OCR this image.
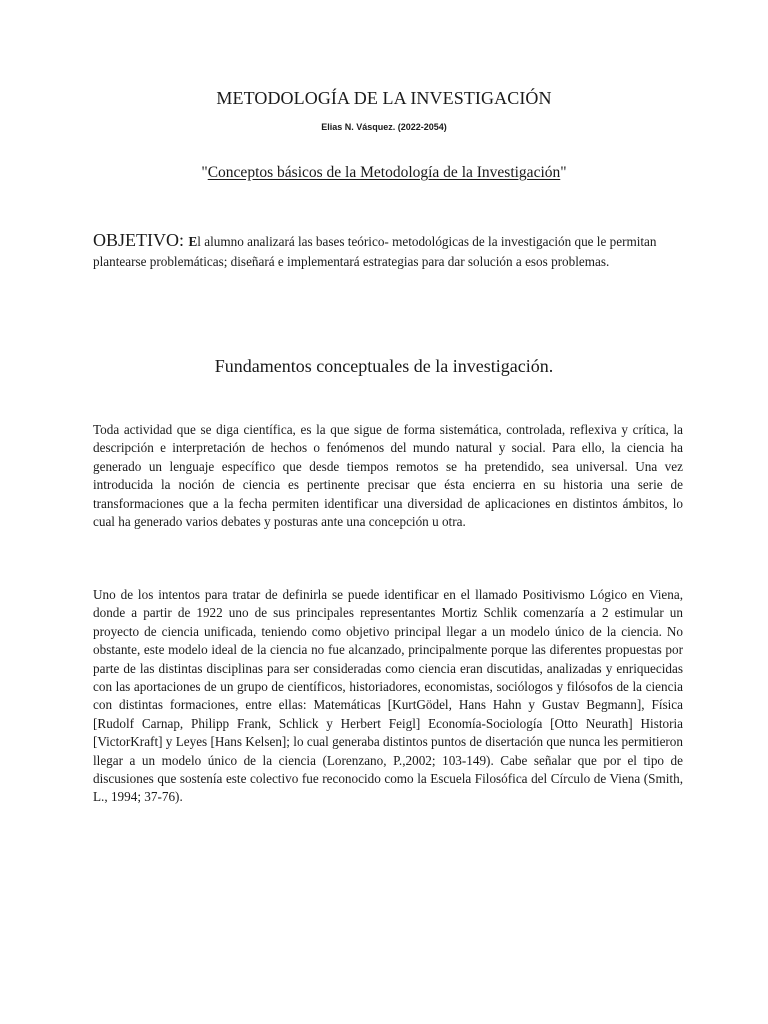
METODOLOGÍA DE LA INVESTIGACIÓN
Elias N. Vásquez. (2022-2054)
"Conceptos básicos de la Metodología de la Investigación"
OBJETIVO: El alumno analizará las bases teórico- metodológicas de la investigación que le permitan plantearse problemáticas; diseñará e implementará estrategias para dar solución a esos problemas.
Fundamentos conceptuales de la investigación.

Toda actividad que se diga científica, es la que sigue de forma sistemática, controlada, reflexiva y crítica, la descripción e interpretación de hechos o fenómenos del mundo natural y social. Para ello, la ciencia ha generado un lenguaje específico que desde tiempos remotos se ha pretendido, sea universal. Una vez introducida la noción de ciencia es pertinente precisar que ésta encierra en su historia una serie de transformaciones que a la fecha permiten identificar una diversidad de aplicaciones en distintos ámbitos, lo cual ha generado varios debates y posturas ante una concepción u otra.

Uno de los intentos para tratar de definirla se puede identificar en el llamado Positivismo Lógico en Viena, donde a partir de 1922 uno de sus principales representantes Mortiz Schlik comenzaría a 2 estimular un proyecto de ciencia unificada, teniendo como objetivo principal llegar a un modelo único de la ciencia. No obstante, este modelo ideal de la ciencia no fue alcanzado, principalmente porque las diferentes propuestas por parte de las distintas disciplinas para ser consideradas como ciencia eran discutidas, analizadas y enriquecidas con las aportaciones de un grupo de científicos, historiadores, economistas, sociólogos y filósofos de la ciencia con distintas formaciones, entre ellas: Matemáticas [KurtGödel, Hans Hahn y Gustav Begmann], Física [Rudolf Carnap, Philipp Frank, Schlick y Herbert Feigl] Economía-Sociología [Otto Neurath] Historia [VictorKraft] y Leyes [Hans Kelsen]; lo cual generaba distintos puntos de disertación que nunca les permitieron llegar a un modelo único de la ciencia (Lorenzano, P.,2002; 103-149). Cabe señalar que por el tipo de discusiones que sostenía este colectivo fue reconocido como la Escuela Filosófica del Círculo de Viena (Smith, L., 1994; 37-76).
